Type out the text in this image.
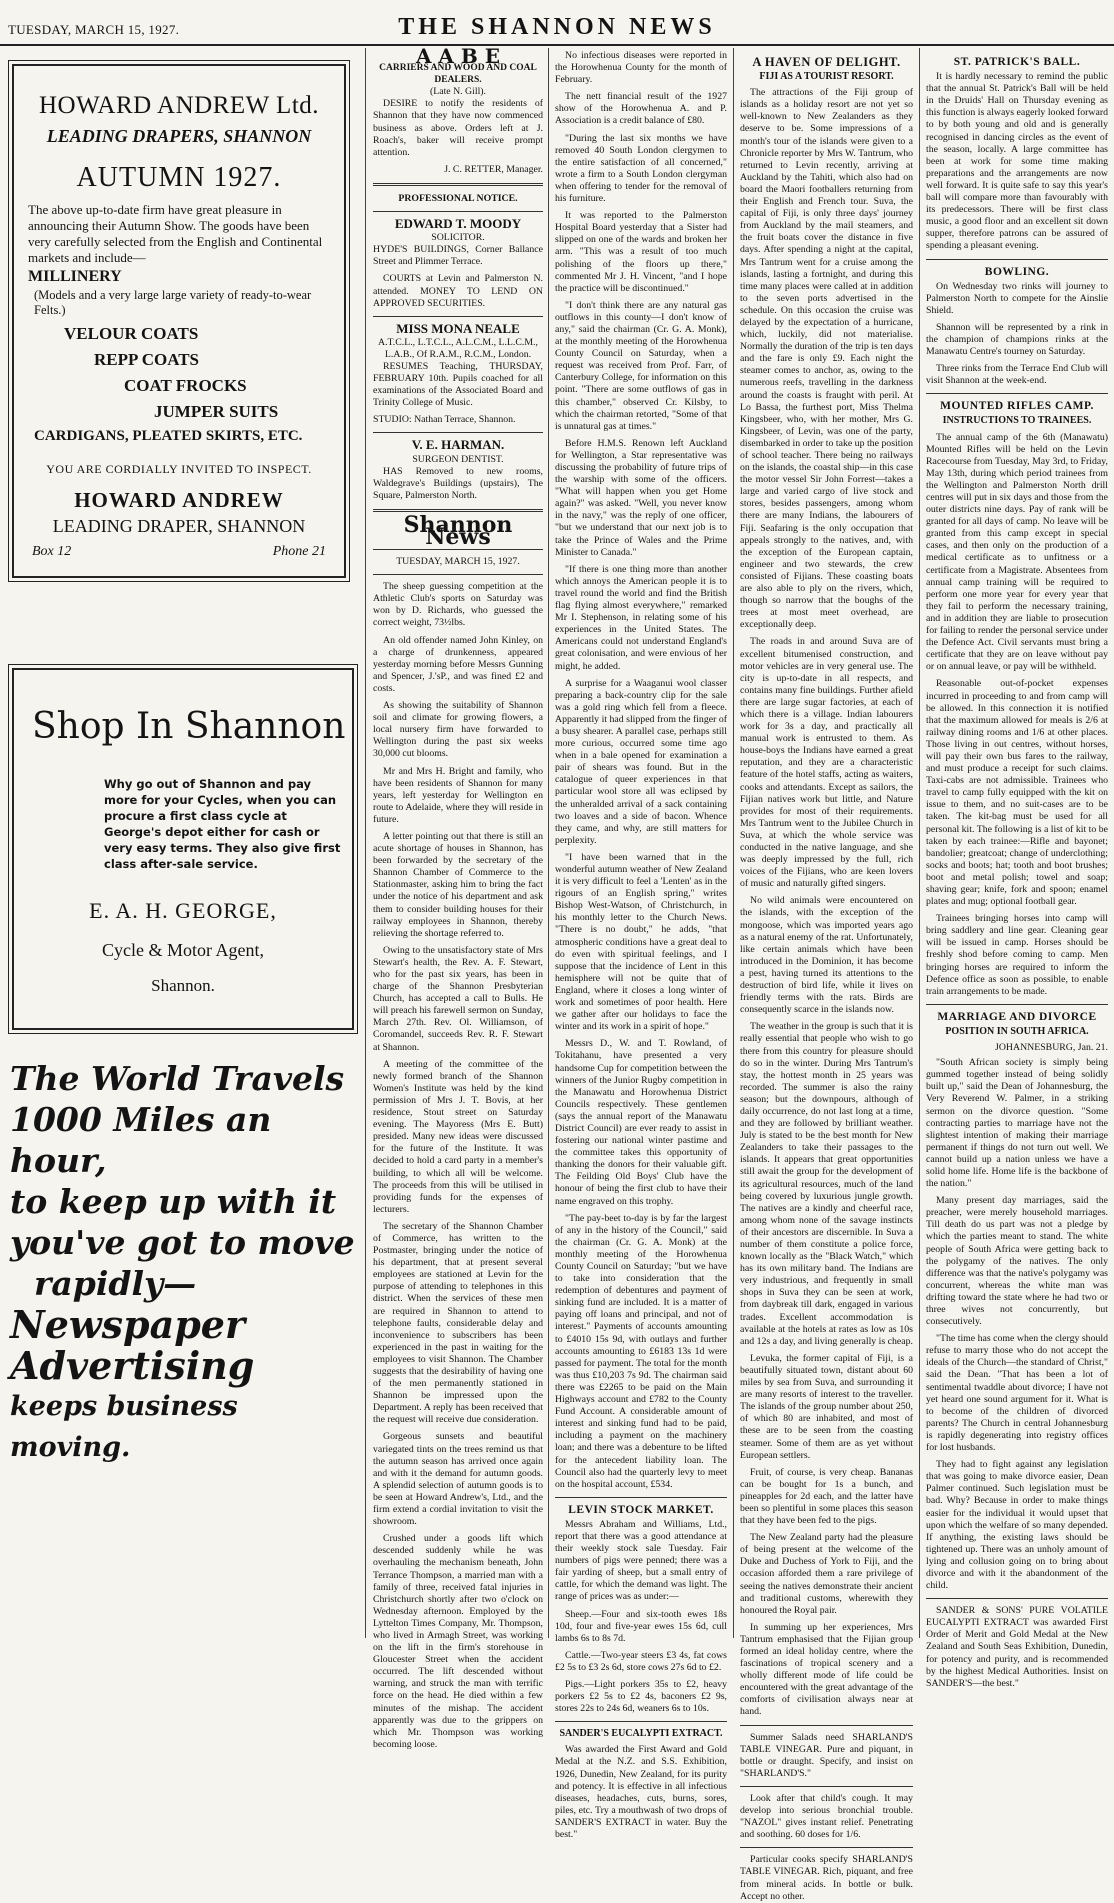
TUESDAY, MARCH 15, 1927.	THE SHANNON NEWS
HOWARD ANDREW Ltd.
LEADING DRAPERS, SHANNON
AUTUMN 1927.
The above up-to-date firm have great pleasure in announcing their Autumn Show. The goods have been very carefully selected from the English and Continental markets and include—
MILLINERY
(Models and a very large large variety of ready-to-wear Felts.)
VELOUR COATS
REPP COATS
COAT FROCKS
JUMPER SUITS
CARDIGANS, PLEATED SKIRTS, ETC.
YOU ARE CORDIALLY INVITED TO INSPECT.
HOWARD ANDREW
LEADING DRAPER, SHANNON
Box 12	Phone 21
Shop In Shannon
Why go out of Shannon and pay more for your Cycles, when you can procure a first class cycle at George's depot either for cash or very easy terms. They also give first class after-sale service.
E. A. H. GEORGE,
Cycle & Motor Agent,
Shannon.
The World Travels
1000 Miles an hour,
to keep up with it
you've got to move
rapidly—
Newspaper
Advertising
keeps business moving.
A A B E
CARRIERS AND WOOD AND COAL DEALERS.
(Late N. Gill).

DESIRE to notify the residents of Shannon that they have now commenced business as above. Orders left at J. Roach's, baker will receive prompt attention.

J. C. RETTER, Manager.
PROFESSIONAL NOTICE.
EDWARD T. MOODY
SOLICITOR.

HYDE'S BUILDINGS, Corner Ballance Street and Plimmer Terrace.

COURTS at Levin and Palmerston N. attended. MONEY TO LEND ON APPROVED SECURITIES.

MISS MONA NEALE
A.T.C.L., L.T.C.L., A.L.C.M., L.L.C.M., L.A.B., Of R.A.M., R.C.M., London.

RESUMES Teaching, THURSDAY, FEBRUARY 10th. Pupils coached for all examinations of the Associated Board and Trinity College of Music.

STUDIO: Nathan Terrace, Shannon.
V. E. HARMAN.
SURGEON DENTIST.

HAS Removed to new rooms, Waldegrave's Buildings (upstairs), The Square, Palmerston North.

Shannon News
TUESDAY, MARCH 15, 1927.

The sheep guessing competition at the Athletic Club's sports on Saturday was won by D. Richards, who guessed the correct weight, 73½lbs.

An old offender named John Kinley, on a charge of drunkenness, appeared yesterday morning before Messrs Gunning and Spencer, J.'sP., and was fined £2 and costs.

As showing the suitability of Shannon soil and climate for growing flowers, a local nursery firm have forwarded to Wellington during the past six weeks 30,000 cut blooms.

Mr and Mrs H. Bright and family, who have been residents of Shannon for many years, left yesterday for Wellington en route to Adelaide, where they will reside in future.

A letter pointing out that there is still an acute shortage of houses in Shannon, has been forwarded by the secretary of the Shannon Chamber of Commerce to the Stationmaster, asking him to bring the fact under the notice of his department and ask them to consider building houses for their railway employees in Shannon, thereby relieving the shortage referred to.

Owing to the unsatisfactory state of Mrs Stewart's health, the Rev. A. F. Stewart, who for the past six years, has been in charge of the Shannon Presbyterian Church, has accepted a call to Bulls. He will preach his farewell sermon on Sunday, March 27th. Rev. Ol. Williamson, of Coromandel, succeeds Rev. R. F. Stewart at Shannon.

A meeting of the committee of the newly formed branch of the Shannon Women's Institute was held by the kind permission of Mrs J. T. Bovis, at her residence, Stout street on Saturday evening. The Mayoress (Mrs E. Butt) presided. Many new ideas were discussed for the future of the Institute. It was decided to hold a card party in a member's building, to which all will be welcome. The proceeds from this will be utilised in providing funds for the expenses of lecturers.

The secretary of the Shannon Chamber of Commerce, has written to the Postmaster, bringing under the notice of his department, that at present several employees are stationed at Levin for the purpose of attending to telephones in this district. When the services of these men are required in Shannon to attend to telephone faults, considerable delay and inconvenience to subscribers has been experienced in the past in waiting for the employees to visit Shannon. The Chamber suggests that the desirability of having one of the men permanently stationed in Shannon be impressed upon the Department. A reply has been received that the request will receive due consideration.

Gorgeous sunsets and beautiful variegated tints on the trees remind us that the autumn season has arrived once again and with it the demand for autumn goods. A splendid selection of autumn goods is to be seen at Howard Andrew's, Ltd., and the firm extend a cordial invitation to visit the showroom.

Crushed under a goods lift which descended suddenly while he was overhauling the mechanism beneath, John Terrance Thompson, a married man with a family of three, received fatal injuries in Christchurch shortly after two o'clock on Wednesday afternoon. Employed by the Lyttelton Times Company, Mr. Thompson, who lived in Armagh Street, was working on the lift in the firm's storehouse in Gloucester Street when the accident occurred. The lift descended without warning, and struck the man with terrific force on the head. He died within a few minutes of the mishap. The accident apparently was due to the grippers on which Mr. Thompson was working becoming loose.

No infectious diseases were reported in the Horowhenua County for the month of February.

The nett financial result of the 1927 show of the Horowhenua A. and P. Association is a credit balance of £80.

"During the last six months we have removed 40 South London clergymen to the entire satisfaction of all concerned," wrote a firm to a South London clergyman when offering to tender for the removal of his furniture.

It was reported to the Palmerston Hospital Board yesterday that a Sister had slipped on one of the wards and broken her arm. "This was a result of too much polishing of the floors up there," commented Mr J. H. Vincent, "and I hope the practice will be discontinued."

"I don't think there are any natural gas outflows in this county—I don't know of any," said the chairman (Cr. G. A. Monk), at the monthly meeting of the Horowhenua County Council on Saturday, when a request was received from Prof. Farr, of Canterbury College, for information on this point. "There are some outflows of gas in this chamber," observed Cr. Kilsby, to which the chairman retorted, "Some of that is unnatural gas at times."

Before H.M.S. Renown left Auckland for Wellington, a Star representative was discussing the probability of future trips of the warship with some of the officers. "What will happen when you get Home again?" was asked. "Well, you never know in the navy," was the reply of one officer, "but we understand that our next job is to take the Prince of Wales and the Prime Minister to Canada."

"If there is one thing more than another which annoys the American people it is to travel round the world and find the British flag flying almost everywhere," remarked Mr I. Stephenson, in relating some of his experiences in the United States. The Americans could not understand England's great colonisation, and were envious of her might, he added.

A surprise for a Waaganui wool classer preparing a back-country clip for the sale was a gold ring which fell from a fleece. Apparently it had slipped from the finger of a busy shearer. A parallel case, perhaps still more curious, occurred some time ago when in a bale opened for examination a pair of shears was found. But in the catalogue of queer experiences in that particular wool store all was eclipsed by the unheralded arrival of a sack containing two loaves and a side of bacon. Whence they came, and why, are still matters for perplexity.

"I have been warned that in the wonderful autumn weather of New Zealand it is very difficult to feel a 'Lenten' as in the rigours of an English spring," writes Bishop West-Watson, of Christchurch, in his monthly letter to the Church News. "There is no doubt," he adds, "that atmospheric conditions have a great deal to do even with spiritual feelings, and I suppose that the incidence of Lent in this hemisphere will not be quite that of England, where it closes a long winter of work and sometimes of poor health. Here we gather after our holidays to face the winter and its work in a spirit of hope."

Messrs D., W. and T. Rowland, of Tokitahanu, have presented a very handsome Cup for competition between the winners of the Junior Rugby competition in the Manawatu and Horowhenua District Councils respectively. These gentlemen (says the annual report of the Manawatu District Council) are ever ready to assist in fostering our national winter pastime and the committee takes this opportunity of thanking the donors for their valuable gift. The Feilding Old Boys' Club have the honour of being the first club to have their name engraved on this trophy.

"The pay-beet to-day is by far the largest of any in the history of the Council," said the chairman (Cr. G. A. Monk) at the monthly meeting of the Horowhenua County Council on Saturday; "but we have to take into consideration that the redemption of debentures and payment of sinking fund are included. It is a matter of paying off loans and principal, and not of interest." Payments of accounts amounting to £4010 15s 9d, with outlays and further accounts amounting to £6183 13s 1d were passed for payment. The total for the month was thus £10,203 7s 9d. The chairman said there was £2265 to be paid on the Main Highways account and £782 to the County Fund Account. A considerable amount of interest and sinking fund had to be paid, including a payment on the machinery loan; and there was a debenture to be lifted for the antecedent liability loan. The Council also had the quarterly levy to meet on the hospital account, £534.

LEVIN STOCK MARKET.

Messrs Abraham and Williams, Ltd., report that there was a good attendance at their weekly stock sale Tuesday. Fair numbers of pigs were penned; there was a fair yarding of sheep, but a small entry of cattle, for which the demand was light. The range of prices was as under:—

Sheep.—Four and six-tooth ewes 18s 10d, four and five-year ewes 15s 6d, cull lambs 6s to 8s 7d.

Cattle.—Two-year steers £3 4s, fat cows £2 5s to £3 2s 6d, store cows 27s 6d to £2.

Pigs.—Light porkers 35s to £2, heavy porkers £2 5s to £2 4s, baconers £2 9s, stores 22s to 24s 6d, weaners 6s to 10s.

SANDER'S EUCALYPTI EXTRACT.

Was awarded the First Award and Gold Medal at the N.Z. and S.S. Exhibition, 1926, Dunedin, New Zealand, for its purity and potency. It is effective in all infectious diseases, headaches, cuts, burns, sores, piles, etc. Try a mouthwash of two drops of SANDER'S EXTRACT in water. Buy the best."

A HAVEN OF DELIGHT.
FIJI AS A TOURIST RESORT.

The attractions of the Fiji group of islands as a holiday resort are not yet so well-known to New Zealanders as they deserve to be. Some impressions of a month's tour of the islands were given to a Chronicle reporter by Mrs W. Tantrum, who returned to Levin recently, arriving at Auckland by the Tahiti, which also had on board the Maori footballers returning from their English and French tour. Suva, the capital of Fiji, is only three days' journey from Auckland by the mail steamers, and the fruit boats cover the distance in five days. After spending a night at the capital, Mrs Tantrum went for a cruise among the islands, lasting a fortnight, and during this time many places were called at in addition to the seven ports advertised in the schedule. On this occasion the cruise was delayed by the expectation of a hurricane, which, luckily, did not materialise. Normally the duration of the trip is ten days and the fare is only £9. Each night the steamer comes to anchor, as, owing to the numerous reefs, travelling in the darkness around the coasts is fraught with peril. At Lo Bassa, the furthest port, Miss Thelma Kingsbeer, who, with her mother, Mrs G. Kingsbeer, of Levin, was one of the party, disembarked in order to take up the position of school teacher. There being no railways on the islands, the coastal ship—in this case the motor vessel Sir John Forrest—takes a large and varied cargo of live stock and stores, besides passengers, among whom there are many Indians, the labourers of Fiji. Seafaring is the only occupation that appeals strongly to the natives, and, with the exception of the European captain, engineer and two stewards, the crew consisted of Fijians. These coasting boats are also able to ply on the rivers, which, though so narrow that the boughs of the trees at most meet overhead, are exceptionally deep.

The roads in and around Suva are of excellent bitumenised construction, and motor vehicles are in very general use. The city is up-to-date in all respects, and contains many fine buildings. Further afield there are large sugar factories, at each of which there is a village. Indian labourers work for 3s a day, and practically all manual work is entrusted to them. As house-boys the Indians have earned a great reputation, and they are a characteristic feature of the hotel staffs, acting as waiters, cooks and attendants. Except as sailors, the Fijian natives work but little, and Nature provides for most of their requirements. Mrs Tantrum went to the Jubilee Church in Suva, at which the whole service was conducted in the native language, and she was deeply impressed by the full, rich voices of the Fijians, who are keen lovers of music and naturally gifted singers.

No wild animals were encountered on the islands, with the exception of the mongoose, which was imported years ago as a natural enemy of the rat. Unfortunately, like certain animals which have been introduced in the Dominion, it has become a pest, having turned its attentions to the destruction of bird life, while it lives on friendly terms with the rats. Birds are consequently scarce in the islands now.

The weather in the group is such that it is really essential that people who wish to go there from this country for pleasure should do so in the winter. During Mrs Tantrum's stay, the hottest month in 25 years was recorded. The summer is also the rainy season; but the downpours, although of daily occurrence, do not last long at a time, and they are followed by brilliant weather. July is stated to be the best month for New Zealanders to take their passages to the islands. It appears that great opportunities still await the group for the development of its agricultural resources, much of the land being covered by luxurious jungle growth. The natives are a kindly and cheerful race, among whom none of the savage instincts of their ancestors are discernible. In Suva a number of them constitute a police force, known locally as the "Black Watch," which has its own military band. The Indians are very industrious, and frequently in small shops in Suva they can be seen at work, from daybreak till dark, engaged in various trades. Excellent accommodation is available at the hotels at rates as low as 10s and 12s a day, and living generally is cheap.

Levuka, the former capital of Fiji, is a beautifully situated town, distant about 60 miles by sea from Suva, and surrounding it are many resorts of interest to the traveller. The islands of the group number about 250, of which 80 are inhabited, and most of these are to be seen from the coasting steamer. Some of them are as yet without European settlers.

Fruit, of course, is very cheap. Bananas can be bought for 1s a bunch, and pineapples for 2d each, and the latter have been so plentiful in some places this season that they have been fed to the pigs.

The New Zealand party had the pleasure of being present at the welcome of the Duke and Duchess of York to Fiji, and the occasion afforded them a rare privilege of seeing the natives demonstrate their ancient and traditional customs, wherewith they honoured the Royal pair.

In summing up her experiences, Mrs Tantrum emphasised that the Fijian group formed an ideal holiday centre, where the fascinations of tropical scenery and a wholly different mode of life could be encountered with the great advantage of the comforts of civilisation always near at hand.

Summer Salads need SHARLAND'S TABLE VINEGAR. Pure and piquant, in bottle or draught. Specify, and insist on "SHARLAND'S."

Look after that child's cough. It may develop into serious bronchial trouble. "NAZOL" gives instant relief. Penetrating and soothing. 60 doses for 1/6.

Particular cooks specify SHARLAND'S TABLE VINEGAR. Rich, piquant, and free from mineral acids. In bottle or bulk. Accept no other.

ST. PATRICK'S BALL.

It is hardly necessary to remind the public that the annual St. Patrick's Ball will be held in the Druids' Hall on Thursday evening as this function is always eagerly looked forward to by both young and old and is generally recognised in dancing circles as the event of the season, locally. A large committee has been at work for some time making preparations and the arrangements are now well forward. It is quite safe to say this year's ball will compare more than favourably with its predecessors. There will be first class music, a good floor and an excellent sit down supper, therefore patrons can be assured of spending a pleasant evening.

BOWLING.

On Wednesday two rinks will journey to Palmerston North to compete for the Ainslie Shield.

Shannon will be represented by a rink in the champion of champions rinks at the Manawatu Centre's tourney on Saturday.

Three rinks from the Terrace End Club will visit Shannon at the week-end.

MOUNTED RIFLES CAMP.
INSTRUCTIONS TO TRAINEES.

The annual camp of the 6th (Manawatu) Mounted Rifles will be held on the Levin Racecourse from Tuesday, May 3rd, to Friday, May 13th, during which period trainees from the Wellington and Palmerston North drill centres will put in six days and those from the outer districts nine days. Pay of rank will be granted for all days of camp. No leave will be granted from this camp except in special cases, and then only on the production of a medical certificate as to unfitness or a certificate from a Magistrate. Absentees from annual camp training will be required to perform one more year for every year that they fail to perform the necessary training, and in addition they are liable to prosecution for failing to render the personal service under the Defence Act. Civil servants must bring a certificate that they are on leave without pay or on annual leave, or pay will be withheld.

Reasonable out-of-pocket expenses incurred in proceeding to and from camp will be allowed. In this connection it is notified that the maximum allowed for meals is 2/6 at railway dining rooms and 1/6 at other places. Those living in out centres, without horses, will pay their own bus fares to the railway, and must produce a receipt for such claims. Taxi-cabs are not admissible. Trainees who travel to camp fully equipped with the kit on issue to them, and no suit-cases are to be taken. The kit-bag must be used for all personal kit. The following is a list of kit to be taken by each trainee:—Rifle and bayonet; bandolier; greatcoat; change of underclothing; socks and boots; hat; tooth and boot brushes; boot and metal polish; towel and soap; shaving gear; knife, fork and spoon; enamel plates and mug; optional football gear.

Trainees bringing horses into camp will bring saddlery and line gear. Cleaning gear will be issued in camp. Horses should be freshly shod before coming to camp. Men bringing horses are required to inform the Defence office as soon as possible, to enable train arrangements to be made.

MARRIAGE AND DIVORCE
POSITION IN SOUTH AFRICA.
JOHANNESBURG, Jan. 21.

"South African society is simply being gummed together instead of being solidly built up," said the Dean of Johannesburg, the Very Reverend W. Palmer, in a striking sermon on the divorce question. "Some contracting parties to marriage have not the slightest intention of making their marriage permanent if things do not turn out well. We cannot build up a nation unless we have a solid home life. Home life is the backbone of the nation."

Many present day marriages, said the preacher, were merely household marriages. Till death do us part was not a pledge by which the parties meant to stand. The white people of South Africa were getting back to the polygamy of the natives. The only difference was that the native's polygamy was concurrent, whereas the white man was drifting toward the state where he had two or three wives not concurrently, but consecutively.

"The time has come when the clergy should refuse to marry those who do not accept the ideals of the Church—the standard of Christ," said the Dean. "That has been a lot of sentimental twaddle about divorce; I have not yet heard one sound argument for it. What is to become of the children of divorced parents? The Church in central Johannesburg is rapidly degenerating into registry offices for lost husbands.

They had to fight against any legislation that was going to make divorce easier, Dean Palmer continued. Such legislation must be bad. Why? Because in order to make things easier for the individual it would upset that upon which the welfare of so many depended. If anything, the existing laws should be tightened up. There was an unholy amount of lying and collusion going on to bring about divorce and with it the abandonment of the child.

SANDER & SONS' PURE VOLATILE EUCALYPTI EXTRACT was awarded First Order of Merit and Gold Medal at the New Zealand and South Seas Exhibition, Dunedin, for potency and purity, and is recommended by the highest Medical Authorities. Insist on SANDER'S—the best."
